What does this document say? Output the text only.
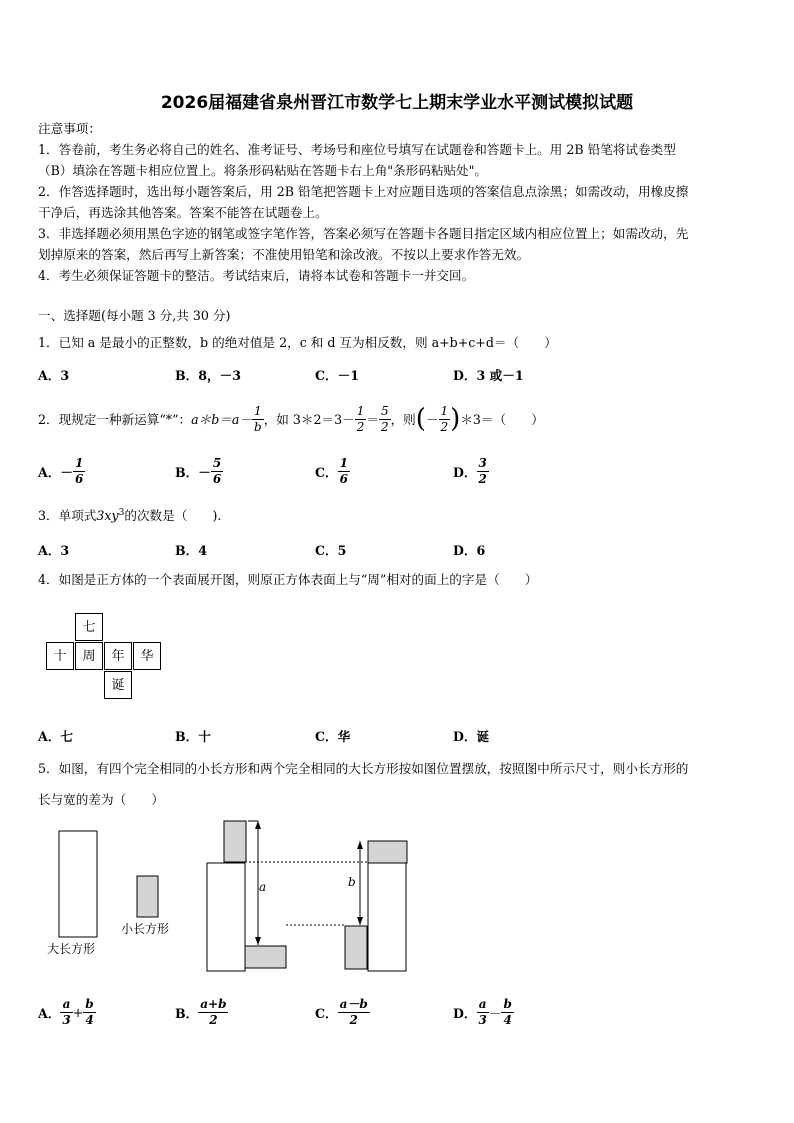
2026届福建省泉州晋江市数学七上期末学业水平测试模拟试题
注意事项：
1．答卷前，考生务必将自己的姓名、准考证号、考场号和座位号填写在试题卷和答题卡上。用 2B 铅笔将试卷类型
（B）填涂在答题卡相应位置上。将条形码粘贴在答题卡右上角"条形码粘贴处"。
2．作答选择题时，选出每小题答案后，用 2B 铅笔把答题卡上对应题目选项的答案信息点涂黑；如需改动，用橡皮擦
干净后，再选涂其他答案。答案不能答在试题卷上。
3．非选择题必须用黑色字迹的钢笔或签字笔作答，答案必须写在答题卡各题目指定区域内相应位置上；如需改动，先
划掉原来的答案，然后再写上新答案；不准使用铅笔和涂改液。不按以上要求作答无效。
4．考生必须保证答题卡的整洁。考试结束后，请将本试卷和答题卡一并交回。
一、选择题(每小题 3 分,共 30 分)
1．已知 a 是最小的正整数，b 的绝对值是 2，c 和 d 互为相反数，则 a+b+c+d＝（　　）
A．3	B．8，－3	C．－1	D．3 或－1
2．现规定一种新运算“*”： a＊b＝a－ $\frac{1}{b}$ ，如 3＊2＝3－ $\frac{1}{2} = \frac{5}{2}$ ，则 ( － $\frac{1}{2}$ ) ＊3＝（　　）
A．－ $\frac{1}{6}$	B．－ $\frac{5}{6}$	C． $\frac{1}{6}$	D． $\frac{3}{2}$
3．单项式$3xy^3$的次数是（　　).
A．3	B．4	C．5	D．6
4．如图是正方体的一个表面展开图，则原正方体表面上与“周”相对的面上的字是（　　）
七
十	周	年	华
诞
A．七	B．十	C．华	D．诞
5．如图，有四个完全相同的小长方形和两个完全相同的大长方形按如图位置摆放，按照图中所示尺寸，则小长方形的
长与宽的差为（　　）
a	b
大长方形
小长方形
A． $\frac{a}{3} + \frac{b}{4}$	B． $\frac{a+b}{2}$	C． $\frac{a-b}{2}$	D． $\frac{a}{3} - \frac{b}{4}$
